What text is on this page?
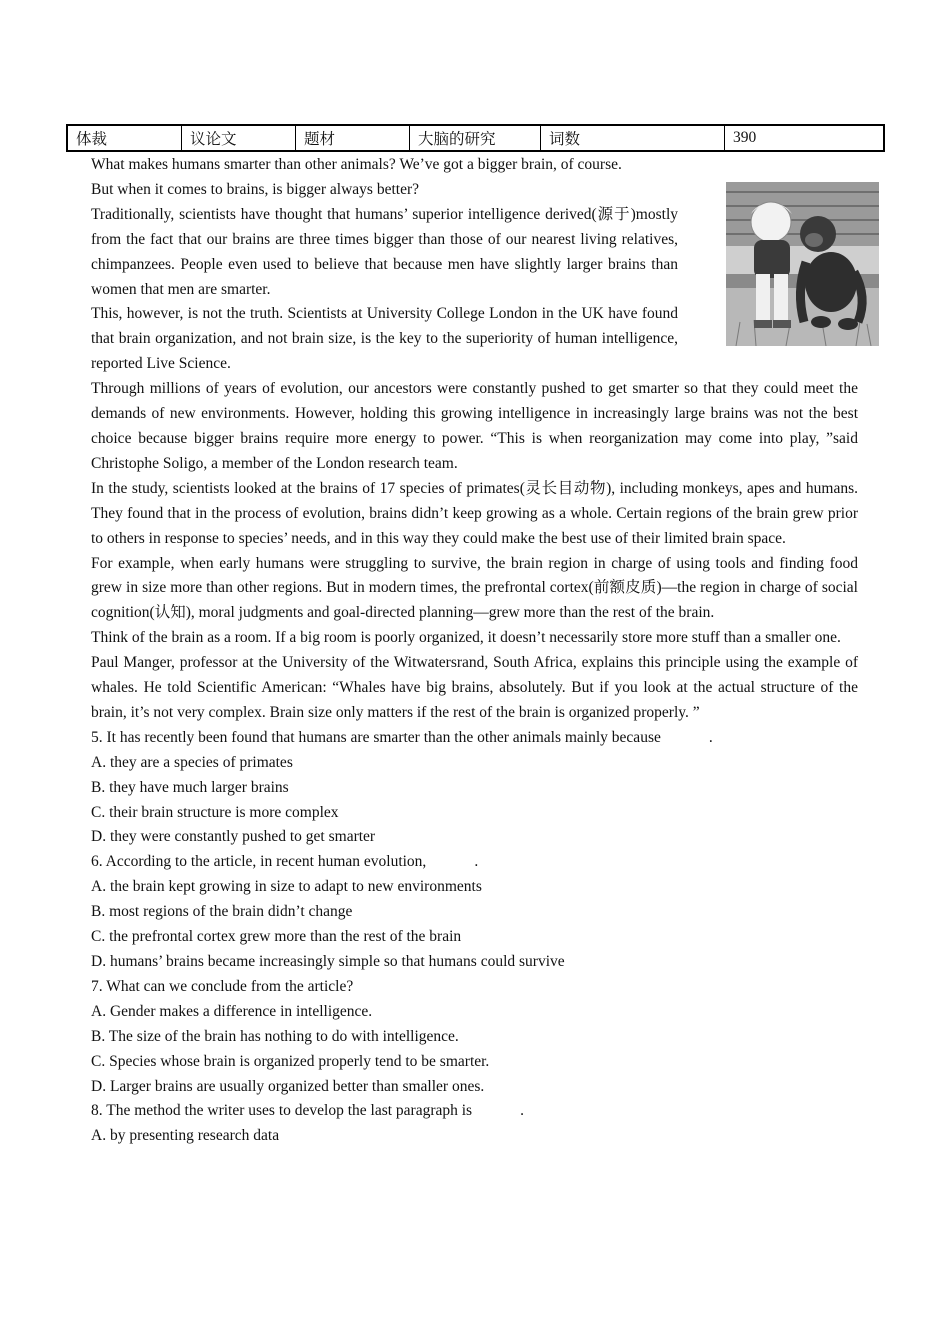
体裁	议论文	题材	大脑的研究	词数	390

What makes humans smarter than other animals? We’ve got a bigger brain, of course.

But when it comes to brains, is bigger always better?

Traditionally, scientists have thought that humans’ superior intelligence derived(源于)mostly from the fact that our brains are three times bigger than those of our nearest living relatives, chimpanzees. People even used to believe that because men have slightly larger brains than women that men are smarter.

This, however, is not the truth. Scientists at University College London in the UK have found that brain organization, and not brain size, is the key to the superiority of human intelligence, reported Live Science.

Through millions of years of evolution, our ancestors were constantly pushed to get smarter so that they could meet the demands of new environments. However, holding this growing intelligence in increasingly large brains was not the best choice because bigger brains require more energy to power. “This is when reorganization may come into play, ”said Christophe Soligo, a member of the London research team.

In the study, scientists looked at the brains of 17 species of primates(灵长目动物), including monkeys, apes and humans. They found that in the process of evolution, brains didn’t keep growing as a whole. Certain regions of the brain grew prior to others in response to species’ needs, and in this way they could make the best use of their limited brain space.

For example, when early humans were struggling to survive, the brain region in charge of using tools and finding food grew in size more than other regions. But in modern times, the prefrontal cortex(前额皮质)—the region in charge of social cognition(认知), moral judgments and goal-directed planning—grew more than the rest of the brain.

Think of the brain as a room. If a big room is poorly organized, it doesn’t necessarily store more stuff than a smaller one.

Paul Manger, professor at the University of the Witwatersrand, South Africa, explains this principle using the example of whales. He told Scientific American: “Whales have big brains, absolutely. But if you look at the actual structure of the brain, it’s not very complex. Brain size only matters if the rest of the brain is organized properly. ”

5. It has recently been found that humans are smarter than the other animals mainly because	.

A. they are a species of primates

B. they have much larger brains

C. their brain structure is more complex

D. they were constantly pushed to get smarter

6. According to the article, in recent human evolution,	.

A. the brain kept growing in size to adapt to new environments

B. most regions of the brain didn’t change

C. the prefrontal cortex grew more than the rest of the brain

D. humans’ brains became increasingly simple so that humans could survive

7. What can we conclude from the article?

A. Gender makes a difference in intelligence.

B. The size of the brain has nothing to do with intelligence.

C. Species whose brain is organized properly tend to be smarter.

D. Larger brains are usually organized better than smaller ones.

8. The method the writer uses to develop the last paragraph is	.

A. by presenting research data
